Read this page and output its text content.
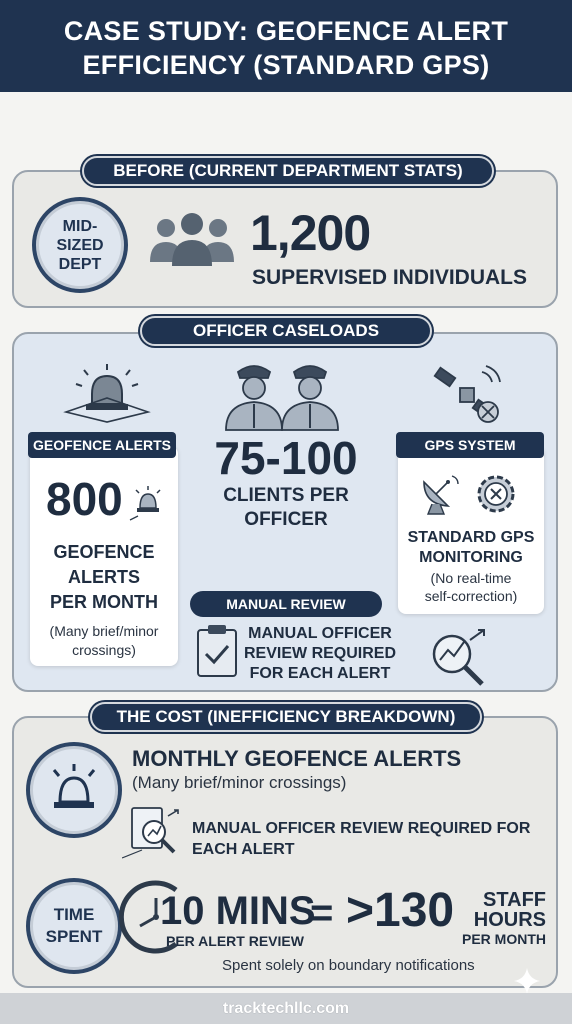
CASE STUDY: GEOFENCE ALERT
EFFICIENCY (STANDARD GPS)
BEFORE (CURRENT DEPARTMENT STATS)
MID-
SIZED
DEPT
1,200
SUPERVISED INDIVIDUALS
OFFICER CASELOADS
GEOFENCE ALERTS
800
GEOFENCE
ALERTS
PER MONTH
(Many brief/minor
crossings)
75-100
CLIENTS PER
OFFICER
GPS SYSTEM
STANDARD GPS
MONITORING
(No real-time
self-correction)
MANUAL REVIEW
MANUAL OFFICER
REVIEW REQUIRED
FOR EACH ALERT
THE COST (INEFFICIENCY BREAKDOWN)
MONTHLY GEOFENCE ALERTS
(Many brief/minor crossings)
MANUAL OFFICER REVIEW REQUIRED FOR
EACH ALERT
TIME
SPENT
10 MINS
PER ALERT REVIEW
= >130	STAFF
HOURS
PER MONTH
Spent solely on boundary notifications
tracktechllc.com
